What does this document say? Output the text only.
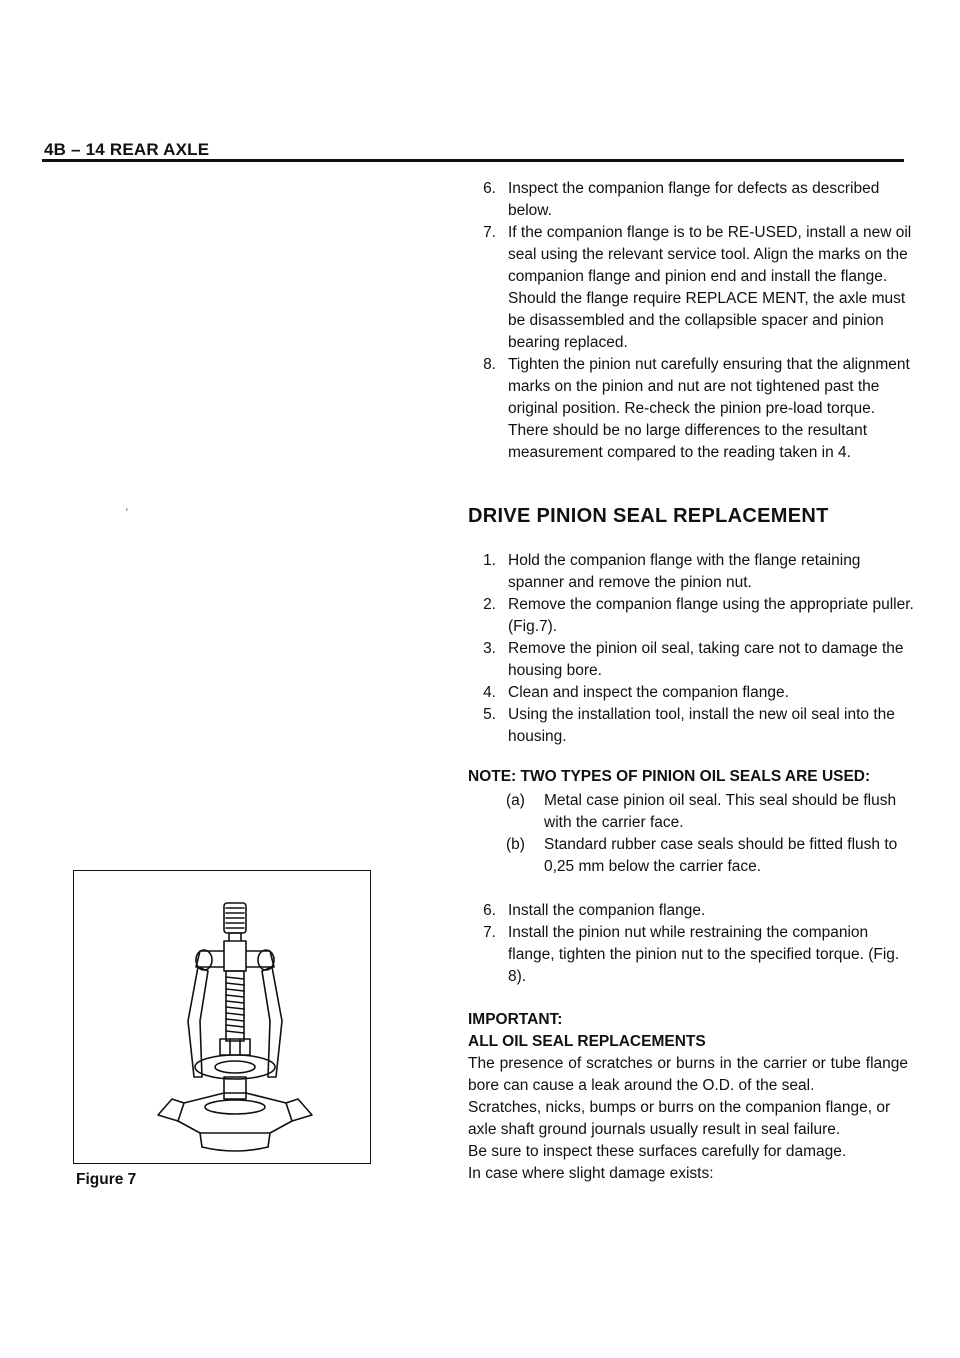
4B – 14 REAR AXLE
6. Inspect the companion flange for defects as described below.
7. If the companion flange is to be RE-USED, install a new oil seal using the relevant service tool. Align the marks on the companion flange and pinion end and install the flange. Should the flange require REPLACE MENT, the axle must be disassembled and the collapsible spacer and pinion bearing replaced.
8. Tighten the pinion nut carefully ensuring that the alignment marks on the pinion and nut are not tightened past the original position. Re-check the pinion pre-load torque. There should be no large differences to the resultant measurement compared to the reading taken in 4.
’	DRIVE PINION SEAL REPLACEMENT
1. Hold the companion flange with the flange retaining spanner and remove the pinion nut.
2. Remove the companion flange using the appropriate puller. (Fig.7).
3. Remove the pinion oil seal, taking care not to damage the housing bore.
4. Clean and inspect the companion flange.
5. Using the installation tool, install the new oil seal into the housing.
NOTE: TWO TYPES OF PINION OIL SEALS ARE USED:
(a) Metal case pinion oil seal. This seal should be flush with the carrier face.
(b) Standard rubber case seals should be fitted flush to 0,25 mm below the carrier face.
6. Install the companion flange.
7. Install the pinion nut while restraining the companion flange, tighten the pinion nut to the specified torque. (Fig. 8).

IMPORTANT:

ALL OIL SEAL REPLACEMENTS

The presence of scratches or burns in the carrier or tube flange bore can cause a leak around the O.D. of the seal.

Scratches, nicks, bumps or burrs on the companion flange, or axle shaft ground journals usually result in seal failure.

Be sure to inspect these surfaces carefully for damage.

In case where slight damage exists:

Figure 7
